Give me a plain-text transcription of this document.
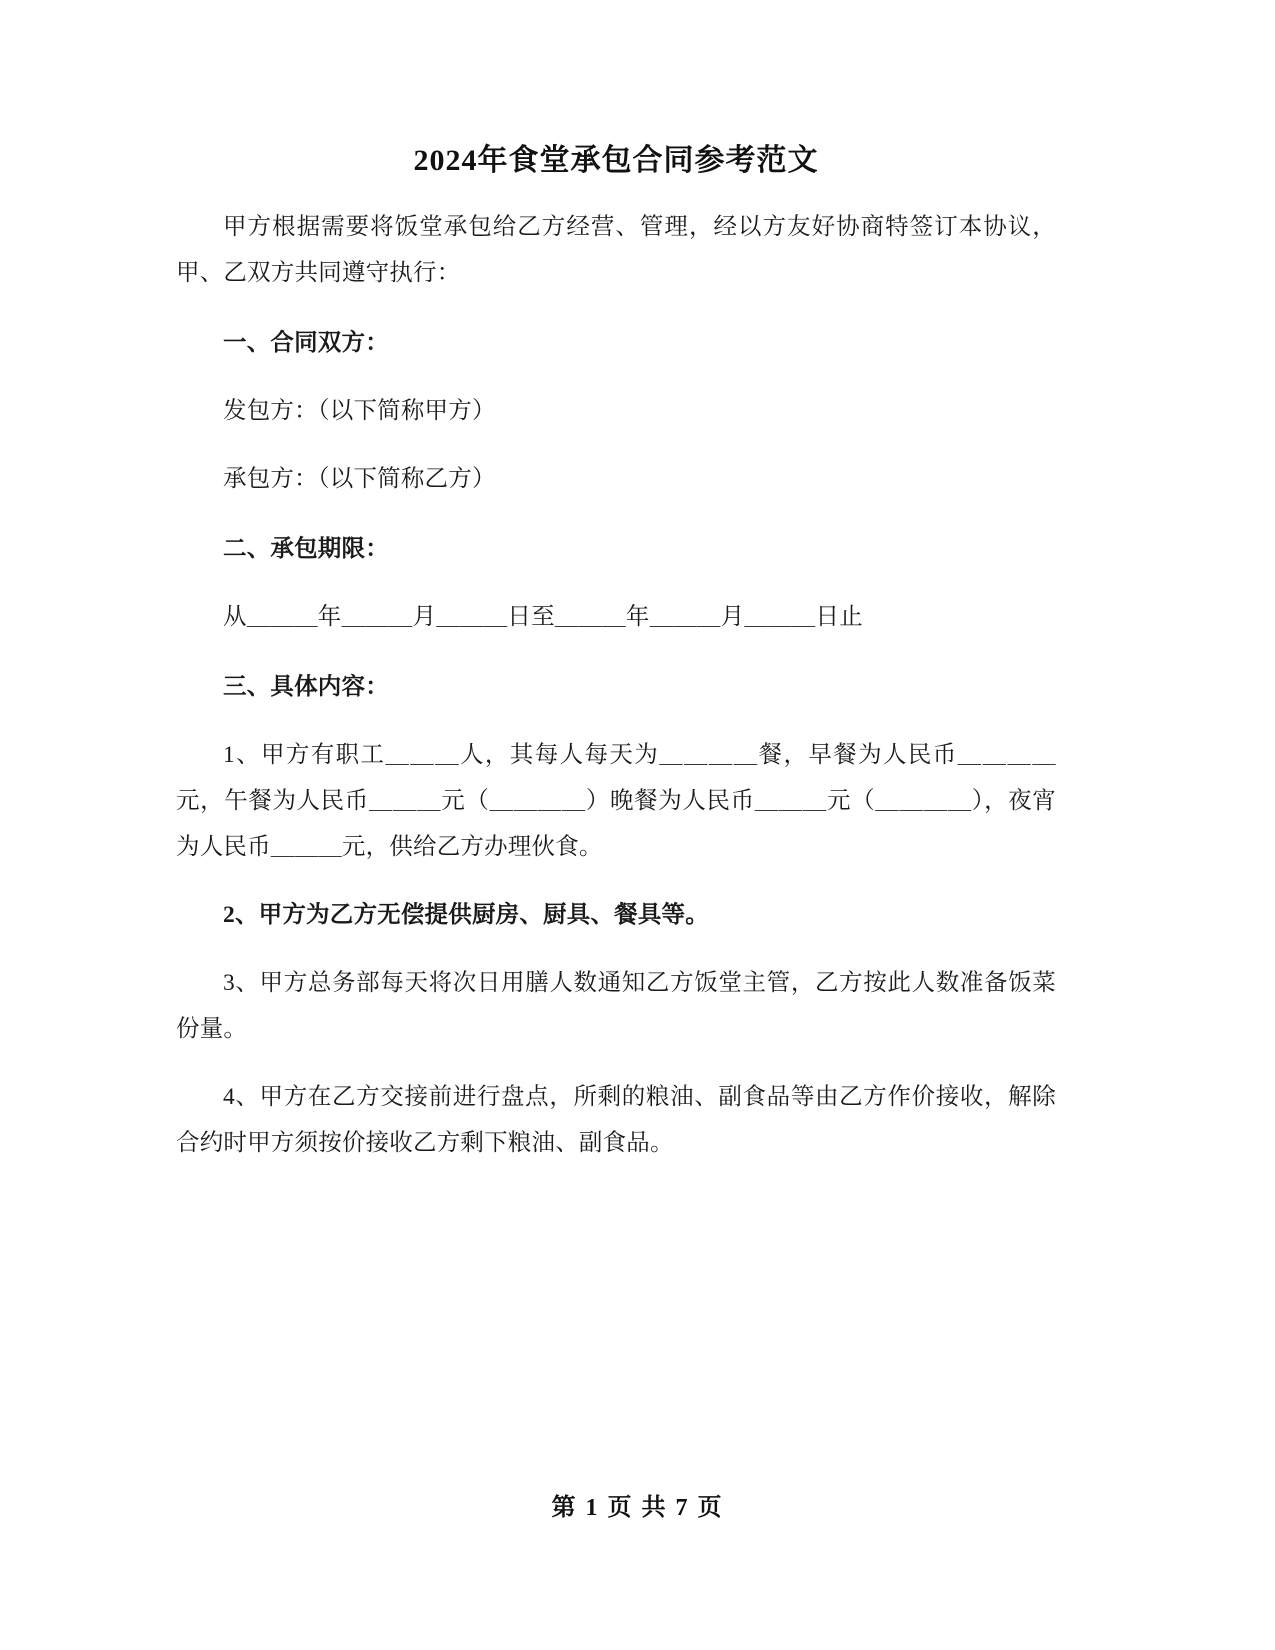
2024年食堂承包合同参考范文

甲方根据需要将饭堂承包给乙方经营、管理，经以方友好协商特签订本协议，甲、乙双方共同遵守执行：

一、合同双方：

发包方：（以下简称甲方）

承包方：（以下简称乙方）

二、承包期限：

从＿＿＿年＿＿＿月＿＿＿日至＿＿＿年＿＿＿月＿＿＿日止

三、具体内容：

1、甲方有职工＿＿＿人，其每人每天为＿＿＿＿餐，早餐为人民币＿＿＿＿元，午餐为人民币＿＿＿元（＿＿＿＿）晚餐为人民币＿＿＿元（＿＿＿＿），夜宵为人民币＿＿＿元，供给乙方办理伙食。

2、甲方为乙方无偿提供厨房、厨具、餐具等。

3、甲方总务部每天将次日用膳人数通知乙方饭堂主管，乙方按此人数准备饭菜份量。

4、甲方在乙方交接前进行盘点，所剩的粮油、副食品等由乙方作价接收，解除合约时甲方须按价接收乙方剩下粮油、副食品。

第 1 页 共 7 页
